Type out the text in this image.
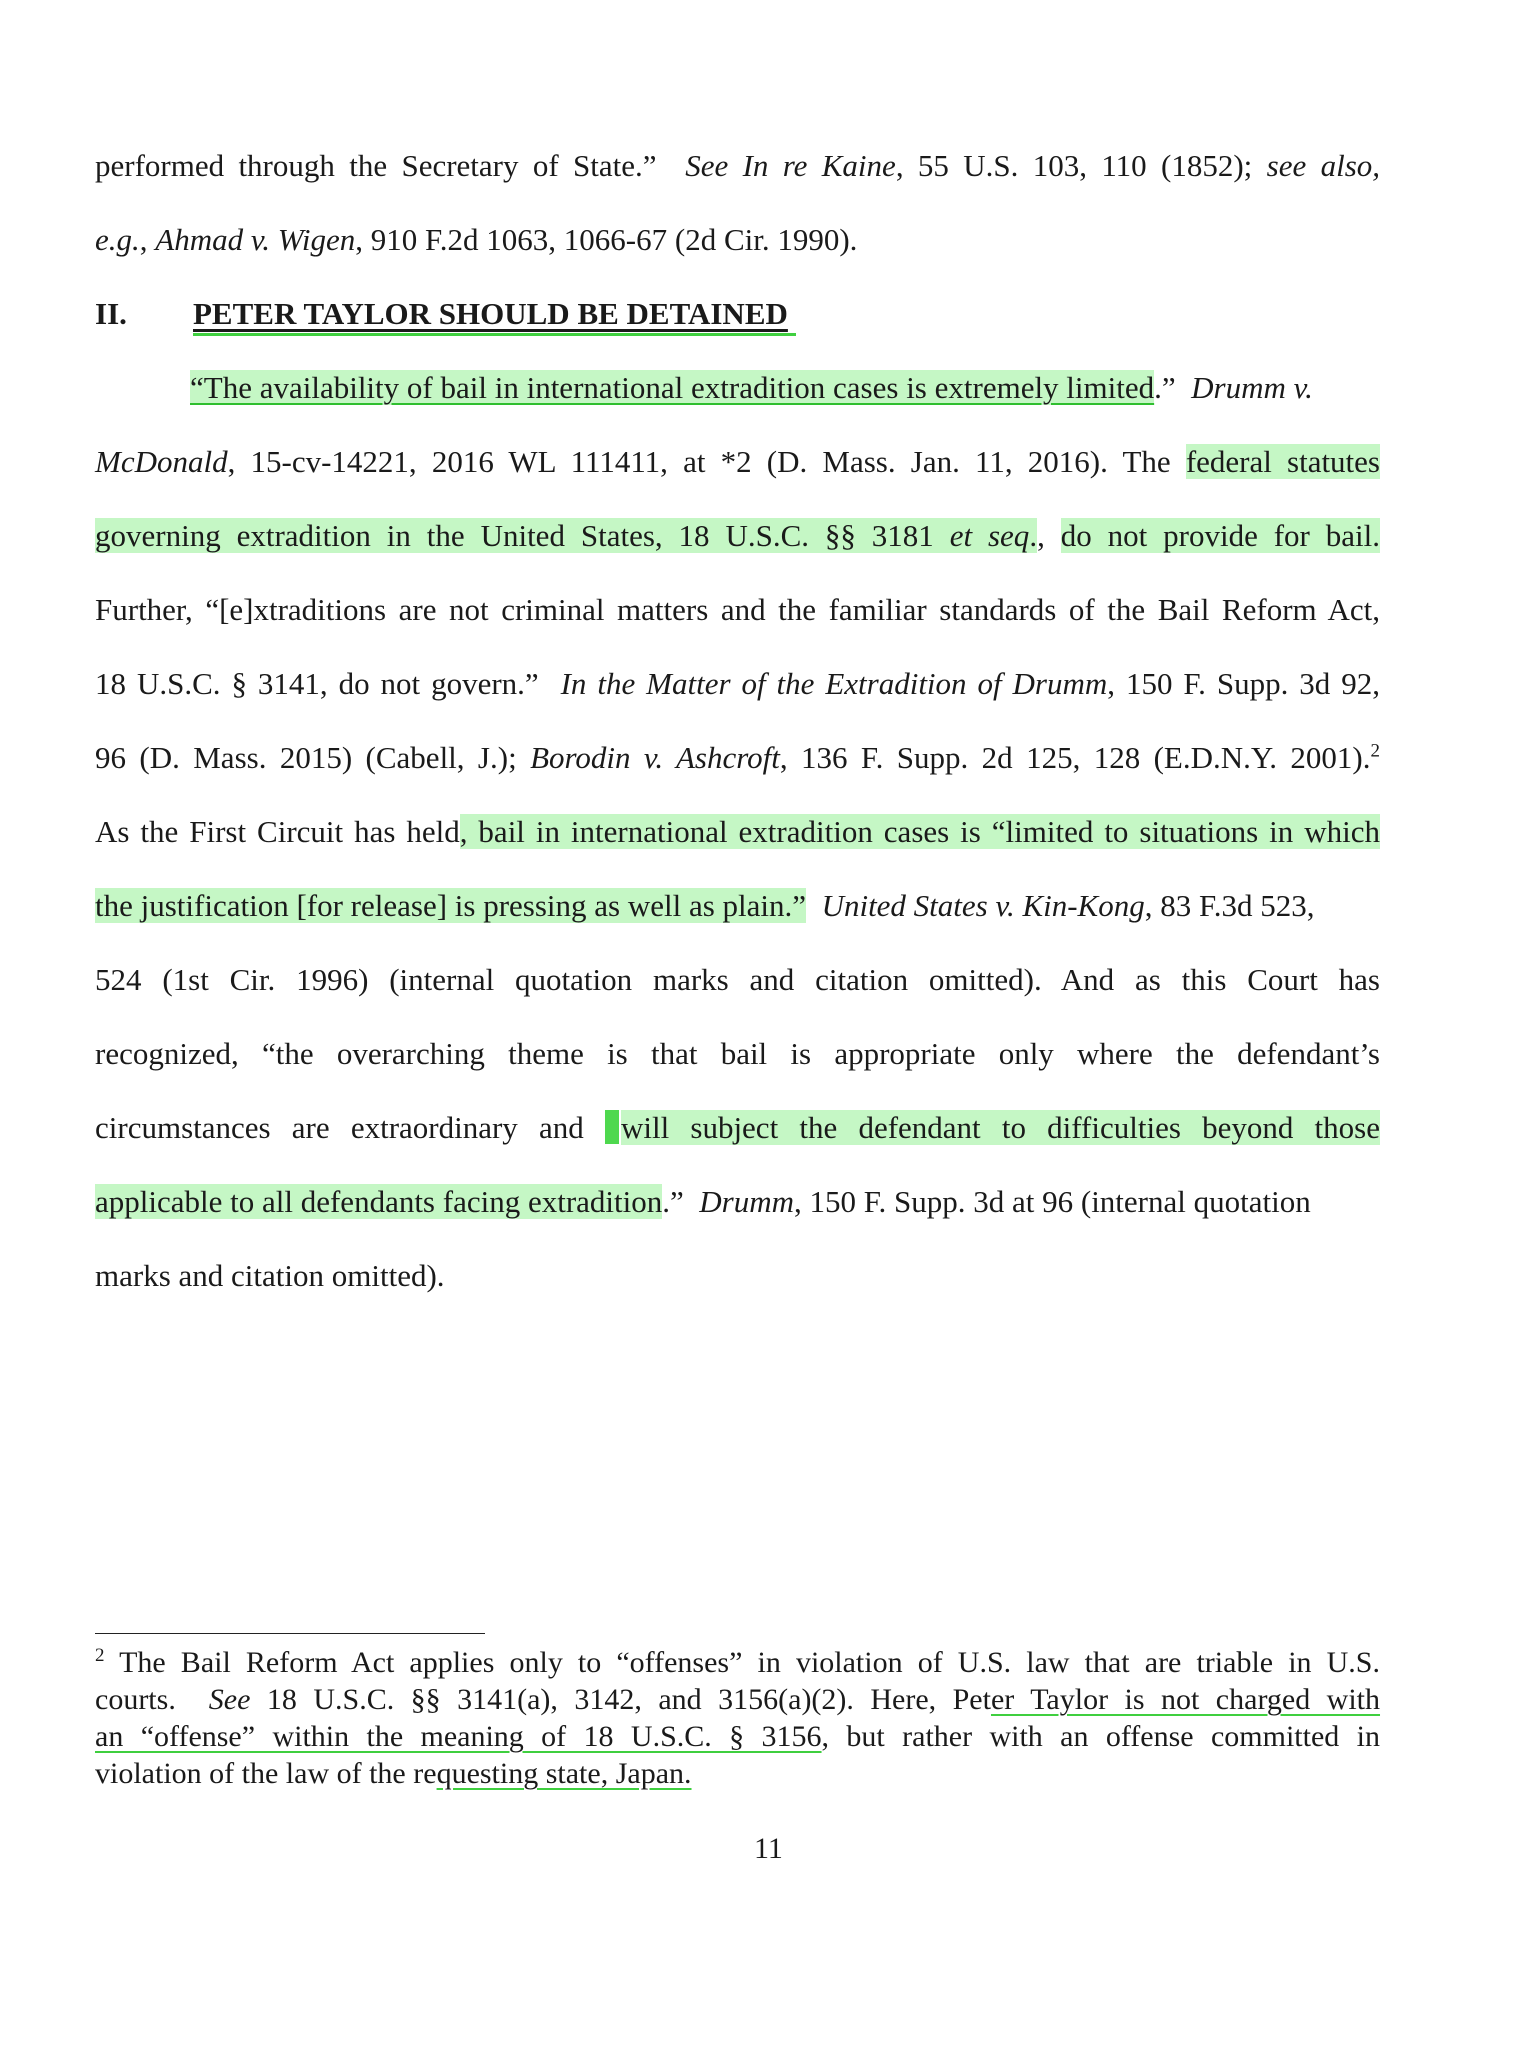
performed through the Secretary of State.” See In re Kaine, 55 U.S. 103, 110 (1852); see also,
e.g., Ahmad v. Wigen, 910 F.2d 1063, 1066-67 (2d Cir. 1990).
II. PETER TAYLOR SHOULD BE DETAINED
“The availability of bail in international extradition cases is extremely limited.” Drumm v.
McDonald, 15-cv-14221, 2016 WL 111411, at *2 (D. Mass. Jan. 11, 2016). The federal statutes
governing extradition in the United States, 18 U.S.C. §§ 3181 et seq., do not provide for bail.
Further, “[e]xtraditions are not criminal matters and the familiar standards of the Bail Reform Act,
18 U.S.C. § 3141, do not govern.” In the Matter of the Extradition of Drumm, 150 F. Supp. 3d 92,
96 (D. Mass. 2015) (Cabell, J.); Borodin v. Ashcroft, 136 F. Supp. 2d 125, 128 (E.D.N.Y. 2001).$^2$
As the First Circuit has held, bail in international extradition cases is “limited to situations in which
the justification [for release] is pressing as well as plain.” United States v. Kin-Kong, 83 F.3d 523,
524 (1st Cir. 1996) (internal quotation marks and citation omitted). And as this Court has
recognized, “the overarching theme is that bail is appropriate only where the defendant’s
circumstances are extraordinary and will subject the defendant to difficulties beyond those
applicable to all defendants facing extradition.” Drumm, 150 F. Supp. 3d at 96 (internal quotation
marks and citation omitted).
$^2$ The Bail Reform Act applies only to “offenses” in violation of U.S. law that are triable in U.S.
courts. See 18 U.S.C. §§ 3141(a), 3142, and 3156(a)(2). Here, Peter Taylor is not charged with
an “offense” within the meaning of 18 U.S.C. § 3156, but rather with an offense committed in
violation of the law of the requesting state, Japan.
11
